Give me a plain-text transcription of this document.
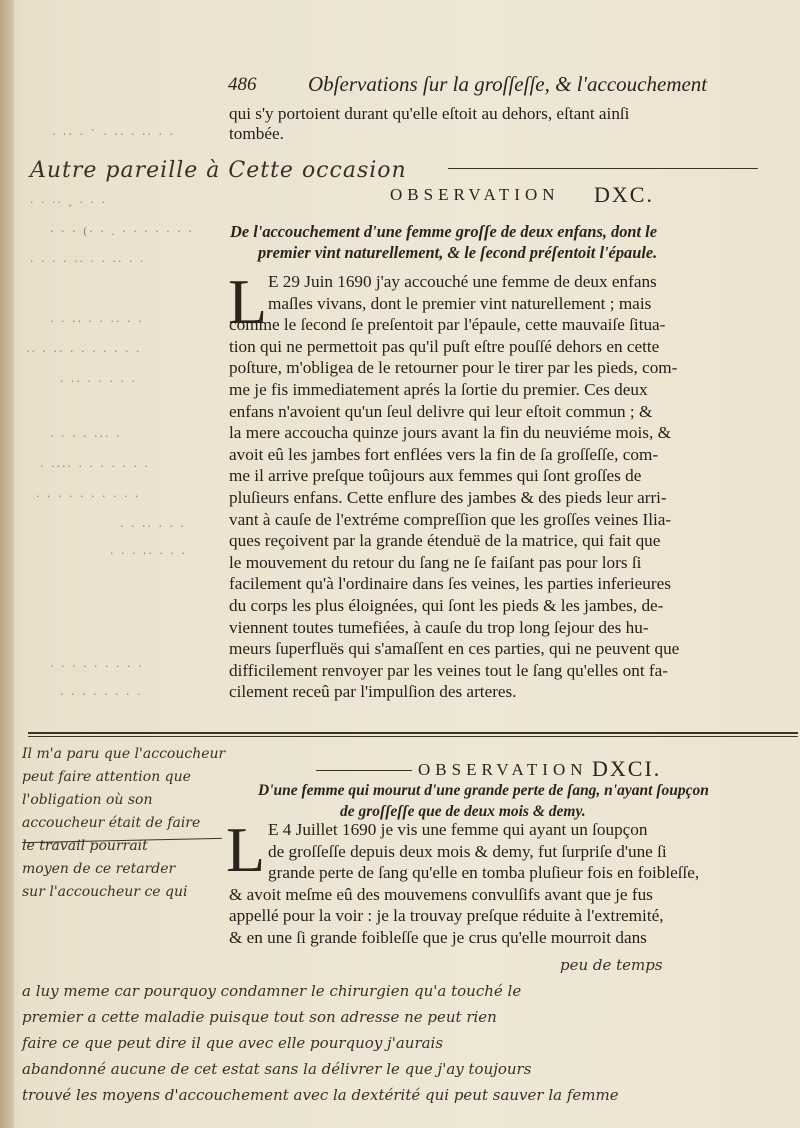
486 Obſervations ſur la groſſeſſe, & l'accouchement
qui s'y portoient durant qu'elle eſtoit au dehors, eſtant ainſi
tombée.
· ·· · ` · ·· · ·· · ·
Autre pareille à Cette occasion
OBSERVATION DXC.
· · ·· , · · ·
· · · (· · . · · · · · · ·
· · · · ·· · · ·· · ·
De l'accouchement d'une femme groſſe de deux enfans, dont le
premier vint naturellement, & le ſecond préſentoit l'épaule.
L E 29 Juin 1690 j'ay accouché une femme de deux enfans
maſles vivans, dont le premier vint naturellement ; mais
comme le ſecond ſe preſentoit par l'épaule, cette mauvaiſe ſitua-
tion qui ne permettoit pas qu'il puſt eſtre pouſſé dehors en cette
poſture, m'obligea de le retourner pour le tirer par les pieds, com-
me je fis immediatement aprés la ſortie du premier. Ces deux
enfans n'avoient qu'un ſeul delivre qui leur eſtoit commun ; &
la mere accoucha quinze jours avant la fin du neuviéme mois, &
avoit eû les jambes fort enflées vers la fin de ſa groſſeſſe, com-
me il arrive preſque toûjours aux femmes qui ſont groſſes de
pluſieurs enfans. Cette enflure des jambes & des pieds leur arri-
vant à cauſe de l'extréme compreſſion que les groſſes veines Ilia-
ques reçoivent par la grande étenduë de la matrice, qui fait que
le mouvement du retour du ſang ne ſe faiſant pas pour lors ſi
facilement qu'à l'ordinaire dans ſes veines, les parties inferieures
du corps les plus éloignées, qui ſont les pieds & les jambes, de-
viennent toutes tumefiées, à cauſe du trop long ſejour des hu-
meurs ſuperfluës qui s'amaſſent en ces parties, qui ne peuvent que
difficilement renvoyer par les veines tout le ſang qu'elles ont fa-
cilement receû par l'impulſion des arteres.
· · ·· · · ·· · ·
·· · ·· · · · · · · ·
· ·· · · · · ·
· · · · ··· ·
· ···· · · · · · · ·
· · · · · · · · · ·
· · ·· · · ·
· · · ·· · · ·
· · · · · · · · ·
· · · · · · · ·
OBSERVATION DXCI.
D'une femme qui mourut d'une grande perte de ſang, n'ayant ſoupçon
de groſſeſſe que de deux mois & demy.
L E 4 Juillet 1690 je vis une femme qui ayant un ſoupçon
de groſſeſſe depuis deux mois & demy, fut ſurpriſe d'une ſi
grande perte de ſang qu'elle en tomba pluſieur fois en foibleſſe,
& avoit meſme eû des mouvemens convulſifs avant que je fus
appellé pour la voir : je la trouvay preſque réduite à l'extremité,
& en une ſi grande foibleſſe que je crus qu'elle mourroit dans
Il m'a paru que l'accoucheur
peut faire attention que
l'obligation où son
accoucheur était de faire
le travail pourrait
moyen de ce retarder
sur l'accoucheur ce qui
peu de temps
a luy meme car pourquoy condamner le chirurgien qu'a touché le
premier a cette maladie puisque tout son adresse ne peut rien
faire ce que peut dire il que avec elle pourquoy j'aurais
abandonné aucune de cet estat sans la délivrer le que j'ay toujours
trouvé les moyens d'accouchement avec la dextérité qui peut sauver la femme
